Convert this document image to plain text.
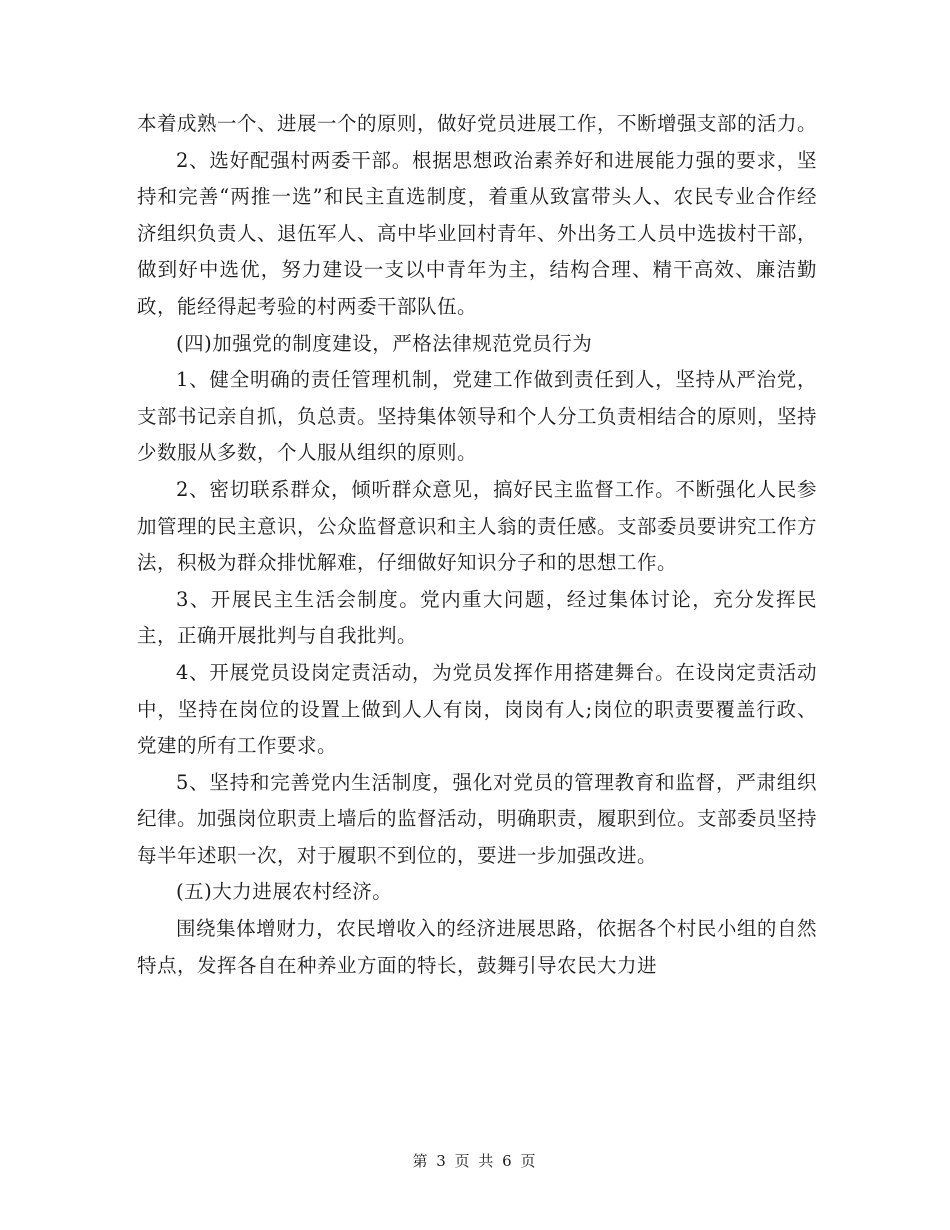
本着成熟一个、进展一个的原则，做好党员进展工作，不断增强支部的活力。

2、选好配强村两委干部。根据思想政治素养好和进展能力强的要求，坚持和完善“两推一选”和民主直选制度，着重从致富带头人、农民专业合作经济组织负责人、退伍军人、高中毕业回村青年、外出务工人员中选拔村干部，做到好中选优，努力建设一支以中青年为主，结构合理、精干高效、廉洁勤政，能经得起考验的村两委干部队伍。

(四)加强党的制度建设，严格法律规范党员行为

1、健全明确的责任管理机制，党建工作做到责任到人，坚持从严治党，支部书记亲自抓，负总责。坚持集体领导和个人分工负责相结合的原则，坚持少数服从多数，个人服从组织的原则。

2、密切联系群众，倾听群众意见，搞好民主监督工作。不断强化人民参加管理的民主意识，公众监督意识和主人翁的责任感。支部委员要讲究工作方法，积极为群众排忧解难，仔细做好知识分子和的思想工作。

3、开展民主生活会制度。党内重大问题，经过集体讨论，充分发挥民主，正确开展批判与自我批判。

4、开展党员设岗定责活动，为党员发挥作用搭建舞台。在设岗定责活动中，坚持在岗位的设置上做到人人有岗，岗岗有人;岗位的职责要覆盖行政、党建的所有工作要求。

5、坚持和完善党内生活制度，强化对党员的管理教育和监督，严肃组织纪律。加强岗位职责上墙后的监督活动，明确职责，履职到位。支部委员坚持每半年述职一次，对于履职不到位的，要进一步加强改进。

(五)大力进展农村经济。

围绕集体增财力，农民增收入的经济进展思路，依据各个村民小组的自然特点，发挥各自在种养业方面的特长，鼓舞引导农民大力进

第 3 页 共 6 页
